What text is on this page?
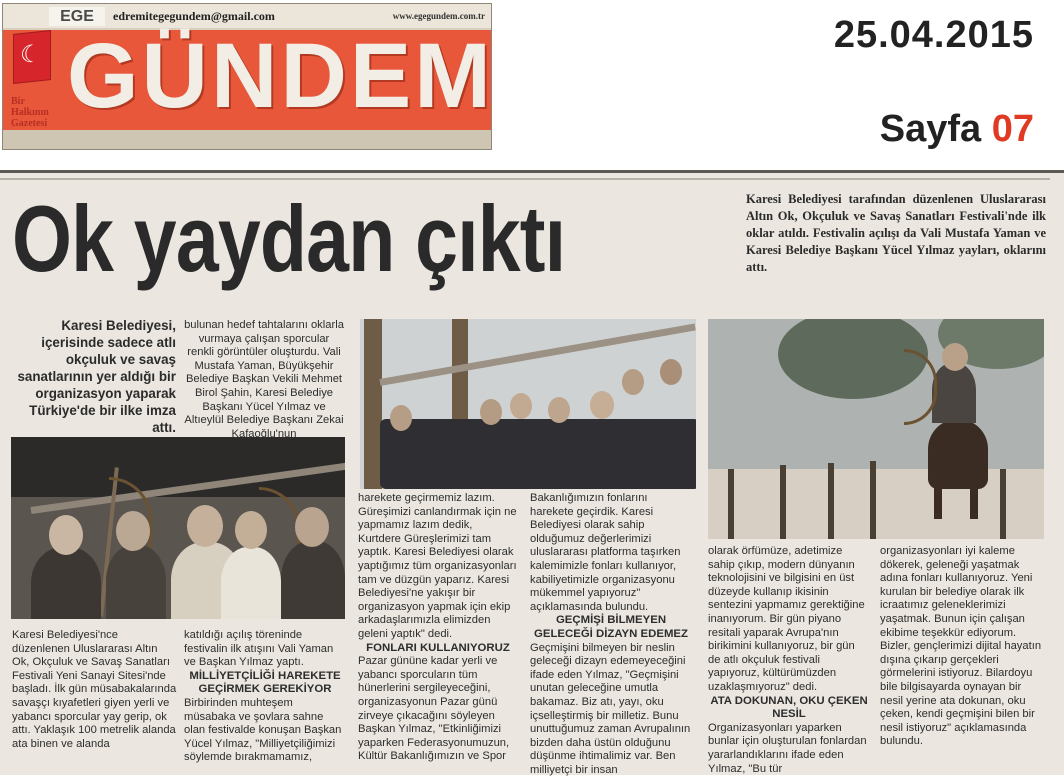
EGE	edremitegegundem@gmail.com	www.egegundem.com.tr
☾ GÜNDEM
Bir
Halkının
Gazetesi
25.04.2015
Sayfa 07
Ok yaydan çıktı	Karesi Belediyesi tarafından düzenlenen Uluslararası Altın Ok, Okçuluk ve Savaş Sanatları Festivali'nde ilk oklar atıldı. Festivalin açılışı da Vali Mustafa Yaman ve Karesi Belediye Başkanı Yücel Yılmaz yayları, oklarını attı.
Karesi Belediyesi, içerisinde sadece atlı okçuluk ve savaş sanatlarının yer aldığı bir organizasyon yaparak Türkiye'de bir ilke imza attı.
bulunan hedef tahtalarını oklarla vurmaya çalışan sporcular renkli görüntüler oluşturdu. Vali Mustafa Yaman, Büyükşehir Belediye Başkan Vekili Mehmet Birol Şahin, Karesi Belediye Başkanı Yücel Yılmaz ve Altıeylül Belediye Başkanı Zekai Kafaoğlu'nun
Karesi Belediyesi'nce düzenlenen Uluslararası Altın Ok, Okçuluk ve Savaş Sanatları Festivali Yeni Sanayi Sitesi'nde başladı. İlk gün müsabakalarında savaşçı kıyafetleri giyen yerli ve yabancı sporcular yay gerip, ok attı. Yaklaşık 100 metrelik alanda ata binen ve alanda

katıldığı açılış töreninde festivalin ilk atışını Vali Yaman ve Başkan Yılmaz yaptı.

MİLLİYETÇİLİĞİ HAREKETE GEÇİRMEK GEREKİYOR

Birbirinden muhteşem müsabaka ve şovlara sahne olan festivalde konuşan Başkan Yücel Yılmaz, "Milliyetçiliğimizi söylemde bırakmamamız,

harekete geçirmemiz lazım. Güreşimizi canlandırmak için ne yapmamız lazım dedik, Kurtdere Güreşlerimizi tam yaptık. Karesi Belediyesi olarak yaptığımız tüm organizasyonları tam ve düzgün yaparız. Karesi Belediyesi'ne yakışır bir organizasyon yapmak için ekip arkadaşlarımızla elimizden geleni yaptık" dedi.

FONLARI KULLANIYORUZ

Pazar gününe kadar yerli ve yabancı sporcuların tüm hünerlerini sergileyeceğini, organizasyonun Pazar günü zirveye çıkacağını söyleyen Başkan Yılmaz, "Etkinliğimizi yaparken Federasyonumuzun, Kültür Bakanlığımızın ve Spor

Bakanlığımızın fonlarını harekete geçirdik. Karesi Belediyesi olarak sahip olduğumuz değerlerimizi uluslararası platforma taşırken kalemimizle fonları kullanıyor, kabiliyetimizle organizasyonu mükemmel yapıyoruz" açıklamasında bulundu.

GEÇMİŞİ BİLMEYEN GELECEĞİ DİZAYN EDEMEZ

Geçmişini bilmeyen bir neslin geleceği dizayn edemeyeceğini ifade eden Yılmaz, "Geçmişini unutan geleceğine umutla bakamaz. Biz atı, yayı, oku içselleştirmiş bir milletiz. Bunu unuttuğumuz zaman Avrupalının bizden daha üstün olduğunu düşünme ihtimalimiz var. Ben milliyetçi bir insan

olarak örfümüze, adetimize sahip çıkıp, modern dünyanın teknolojisini ve bilgisini en üst düzeyde kullanıp ikisinin sentezini yapmamız gerektiğine inanıyorum. Bir gün piyano resitali yaparak Avrupa'nın birikimini kullanıyoruz, bir gün de atlı okçuluk festivali yapıyoruz, kültürümüzden uzaklaşmıyoruz" dedi.

ATA DOKUNAN, OKU ÇEKEN NESİL

Organizasyonları yaparken bunlar için oluşturulan fonlardan yararlandıklarını ifade eden Yılmaz, "Bu tür

organizasyonları iyi kaleme dökerek, geleneği yaşatmak adına fonları kullanıyoruz. Yeni kurulan bir belediye olarak ilk icraatımız geleneklerimizi yaşatmak. Bunun için çalışan ekibime teşekkür ediyorum. Bizler, gençlerimizi dijital hayatın dışına çıkarıp gerçekleri görmelerini istiyoruz. Bilardoyu bile bilgisayarda oynayan bir nesil yerine ata dokunan, oku çeken, kendi geçmişini bilen bir nesil istiyoruz" açıklamasında bulundu.
